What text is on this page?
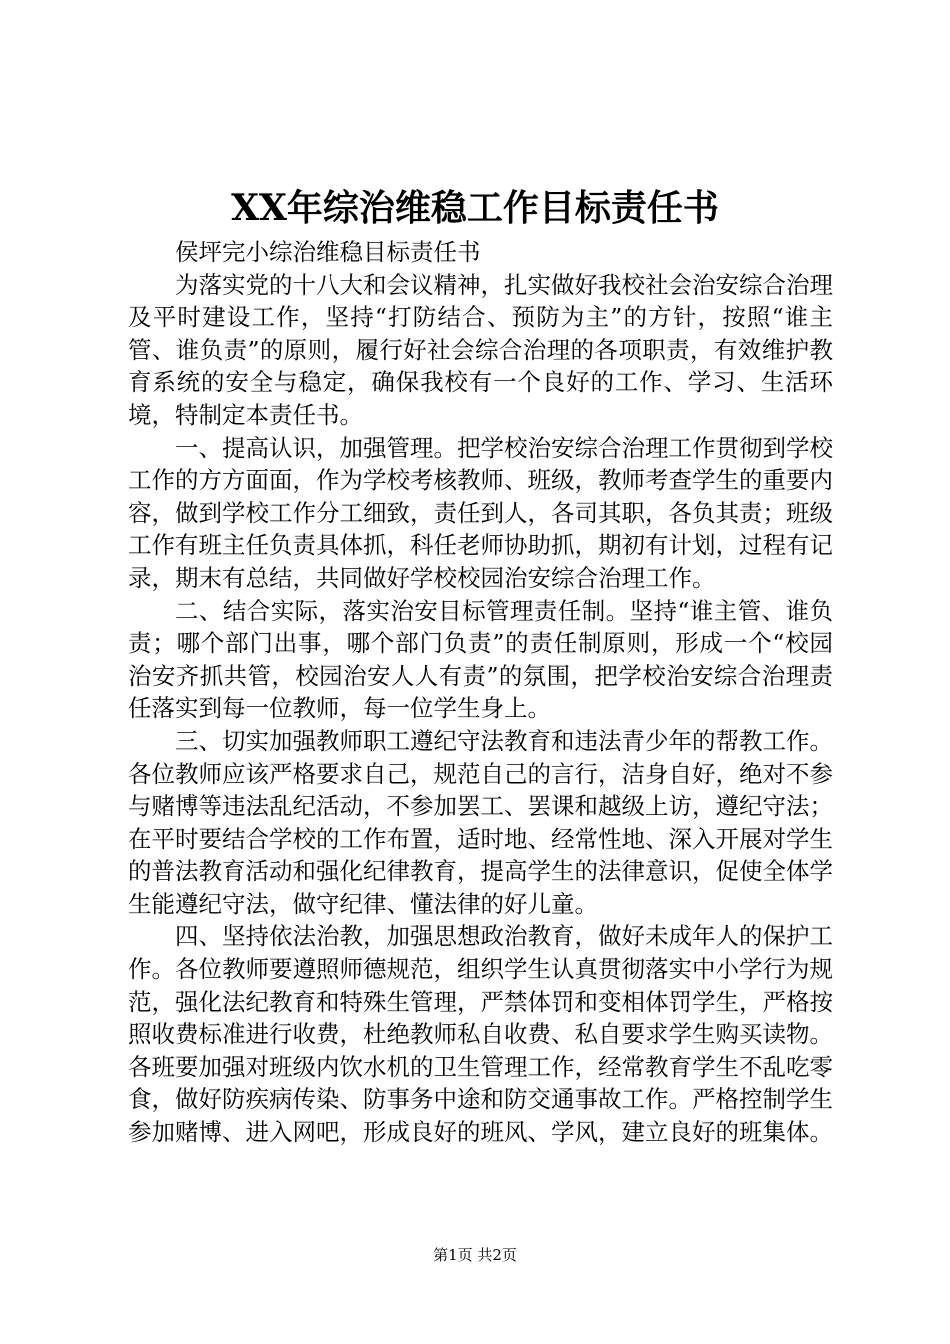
XX年综治维稳工作目标责任书

侯坪完小综治维稳目标责任书

为落实党的十八大和会议精神，扎实做好我校社会治安综合治理及平时建设工作，坚持“打防结合、预防为主”的方针，按照“谁主管、谁负责”的原则，履行好社会综合治理的各项职责，有效维护教育系统的安全与稳定，确保我校有一个良好的工作、学习、生活环境，特制定本责任书。

一、提高认识，加强管理。把学校治安综合治理工作贯彻到学校工作的方方面面，作为学校考核教师、班级，教师考查学生的重要内容，做到学校工作分工细致，责任到人，各司其职，各负其责；班级工作有班主任负责具体抓，科任老师协助抓，期初有计划，过程有记录，期末有总结，共同做好学校校园治安综合治理工作。

二、结合实际，落实治安目标管理责任制。坚持“谁主管、谁负责；哪个部门出事，哪个部门负责”的责任制原则，形成一个“校园治安齐抓共管，校园治安人人有责”的氛围，把学校治安综合治理责任落实到每一位教师，每一位学生身上。

三、切实加强教师职工遵纪守法教育和违法青少年的帮教工作。各位教师应该严格要求自己，规范自己的言行，洁身自好，绝对不参与赌博等违法乱纪活动，不参加罢工、罢课和越级上访，遵纪守法；在平时要结合学校的工作布置，适时地、经常性地、深入开展对学生的普法教育活动和强化纪律教育，提高学生的法律意识，促使全体学生能遵纪守法，做守纪律、懂法律的好儿童。

四、坚持依法治教，加强思想政治教育，做好未成年人的保护工作。各位教师要遵照师德规范，组织学生认真贯彻落实中小学行为规范，强化法纪教育和特殊生管理，严禁体罚和变相体罚学生，严格按照收费标准进行收费，杜绝教师私自收费、私自要求学生购买读物。各班要加强对班级内饮水机的卫生管理工作，经常教育学生不乱吃零食，做好防疾病传染、防事务中途和防交通事故工作。严格控制学生参加赌博、进入网吧，形成良好的班风、学风，建立良好的班集体。

第1页 共2页
